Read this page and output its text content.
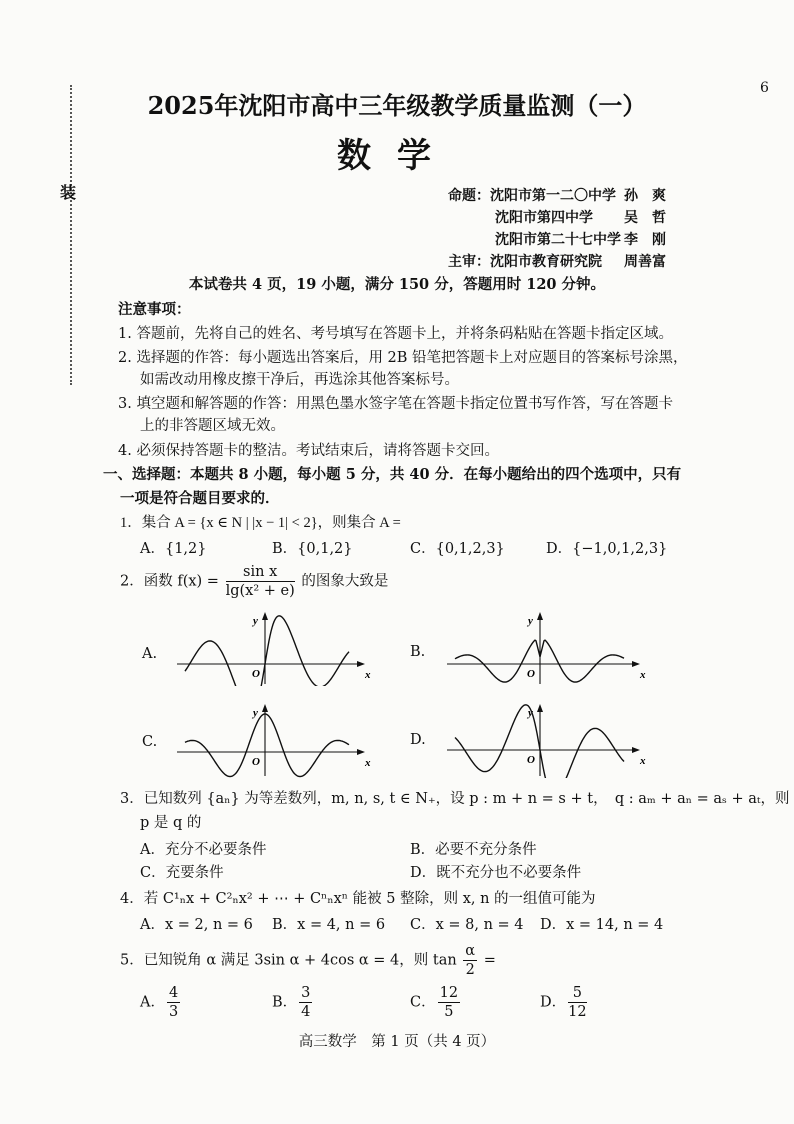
装
6
2025年沈阳市高中三年级教学质量监测（一）
数学
命题：沈阳市第一二〇中学 孙　爽
沈阳市第四中学 吴　哲
沈阳市第二十七中学 李　刚
主审：沈阳市教育研究院 周善富
本试卷共 4 页，19 小题，满分 150 分，答题用时 120 分钟。
注意事项：
1. 答题前，先将自己的姓名、考号填写在答题卡上，并将条码粘贴在答题卡指定区域。
2. 选择题的作答：每小题选出答案后，用 2B 铅笔把答题卡上对应题目的答案标号涂黑，
如需改动用橡皮擦干净后，再选涂其他答案标号。
3. 填空题和解答题的作答：用黑色墨水签字笔在答题卡指定位置书写作答，写在答题卡
上的非答题区域无效。
4. 必须保持答题卡的整洁。考试结束后，请将答题卡交回。
一、选择题：本题共 8 小题，每小题 5 分，共 40 分．在每小题给出的四个选项中，只有
一项是符合题目要求的．
1．集合 A = {x ∈ N | |x − 1| < 2}，则集合 A =
A．{1,2}	B．{0,1,2}	C．{0,1,2,3}	D．{−1,0,1,2,3}
2．函数 $f(x) = \frac{\text{sin x}}{\text{lg(x² + e)}}$ 的图象大致是
A.	B.
C.	D.
x
y
O	x
y
O
x
y
O	x
y
O
3．已知数列 {aₙ} 为等差数列，m, n, s, t ∈ N₊，设 p : m + n = s + t，　q : aₘ + aₙ = aₛ + aₜ，则
p 是 q 的
A．充分不必要条件	B．必要不充分条件
C．充要条件	D．既不充分也不必要条件
4．若 C¹ₙx + C²ₙx² + ⋯ + Cⁿₙxⁿ 能被 5 整除，则 x, n 的一组值可能为
A．x = 2, n = 6 B．x = 4, n = 6 C．x = 8, n = 4 D．x = 14, n = 4
5．已知锐角 α 满足 3sin α + 4cos α = 4，则 $\tan \frac{\alpha}{2}$ =
A． $\frac{4}{3}$	B． $\frac{3}{4}$	C． $\frac{12}{5}$	D． $\frac{5}{12}$
高三数学　第 1 页（共 4 页）
